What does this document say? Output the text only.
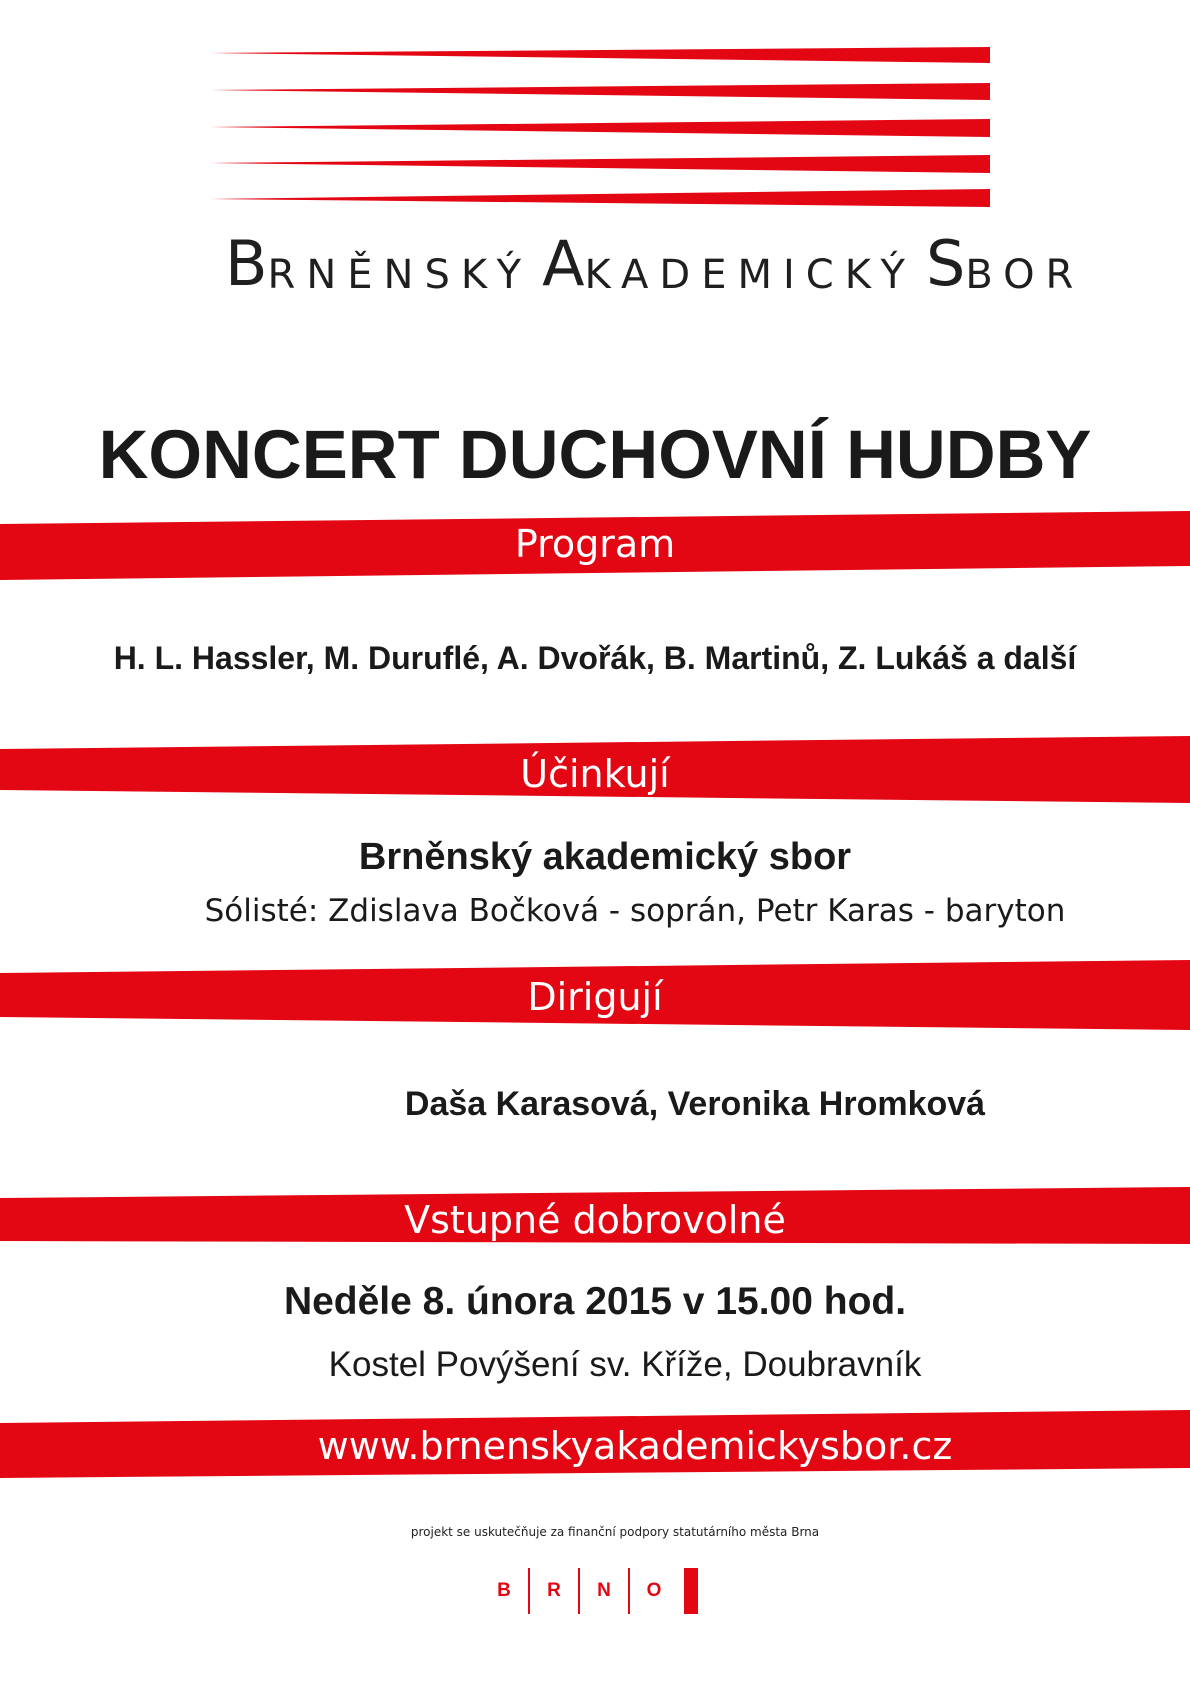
B RNĚNSKÝ A KADEMICKÝ S BOR
KONCERT DUCHOVNÍ HUDBY
Program
H. L. Hassler, M. Duruflé, A. Dvořák, B. Martinů, Z. Lukáš a další
Účinkují
Brněnský akademický sbor
Sólisté: Zdislava Bočková - soprán, Petr Karas - baryton
Dirigují
Daša Karasová, Veronika Hromková
Vstupné dobrovolné
Neděle 8. února 2015 v 15.00 hod.
Kostel Povýšení sv. Kříže, Doubravník
www.brnenskyakademickysbor.cz
projekt se uskutečňuje za finanční podpory statutárního města Brna
B	R	N	O
